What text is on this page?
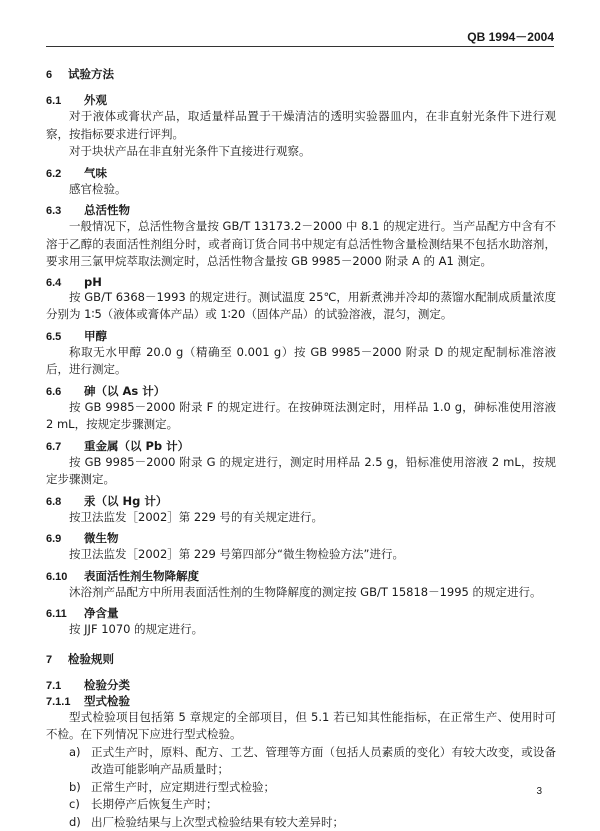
QB 1994－2004
6	试验方法
6.1	外观

对于液体或膏状产品，取适量样品置于干燥清洁的透明实验器皿内，在非直射光条件下进行观察，按指标要求进行评判。

对于块状产品在非直射光条件下直接进行观察。

6.2	气味

感官检验。

6.3	总活性物

一般情况下，总活性物含量按 GB/T 13173.2－2000 中 8.1 的规定进行。当产品配方中含有不溶于乙醇的表面活性剂组分时，或者商订货合同书中规定有总活性物含量检测结果不包括水助溶剂，要求用三氯甲烷萃取法测定时，总活性物含量按 GB 9985－2000 附录 A 的 A1 测定。

6.4	pH

按 GB/T 6368－1993 的规定进行。测试温度 25℃，用新煮沸并冷却的蒸馏水配制成质量浓度分别为 1∶5（液体或膏体产品）或 1∶20（固体产品）的试验溶液，混匀，测定。

6.5	甲醇

称取无水甲醇 20.0 g（精确至 0.001 g）按 GB 9985－2000 附录 D 的规定配制标准溶液后，进行测定。

6.6	砷（以 As 计）

按 GB 9985－2000 附录 F 的规定进行。在按砷斑法测定时，用样品 1.0 g，砷标准使用溶液 2 mL，按规定步骤测定。

6.7	重金属（以 Pb 计）

按 GB 9985－2000 附录 G 的规定进行，测定时用样品 2.5 g，铅标准使用溶液 2 mL，按规定步骤测定。

6.8	汞（以 Hg 计）

按卫法监发［2002］第 229 号的有关规定进行。

6.9	微生物

按卫法监发［2002］第 229 号第四部分“微生物检验方法”进行。

6.10	表面活性剂生物降解度

沐浴剂产品配方中所用表面活性剂的生物降解度的测定按 GB/T 15818－1995 的规定进行。

6.11	净含量

按 JJF 1070 的规定进行。

7	检验规则
7.1	检验分类
7.1.1	型式检验

型式检验项目包括第 5 章规定的全部项目，但 5.1 若已知其性能指标，在正常生产、使用时可不检。在下列情况下应进行型式检验。

a) 正式生产时，原料、配方、工艺、管理等方面（包括人员素质的变化）有较大改变，或设备改造可能影响产品质量时；
b) 正常生产时，应定期进行型式检验；
c) 长期停产后恢复生产时；
d) 出厂检验结果与上次型式检验结果有较大差异时；
3
